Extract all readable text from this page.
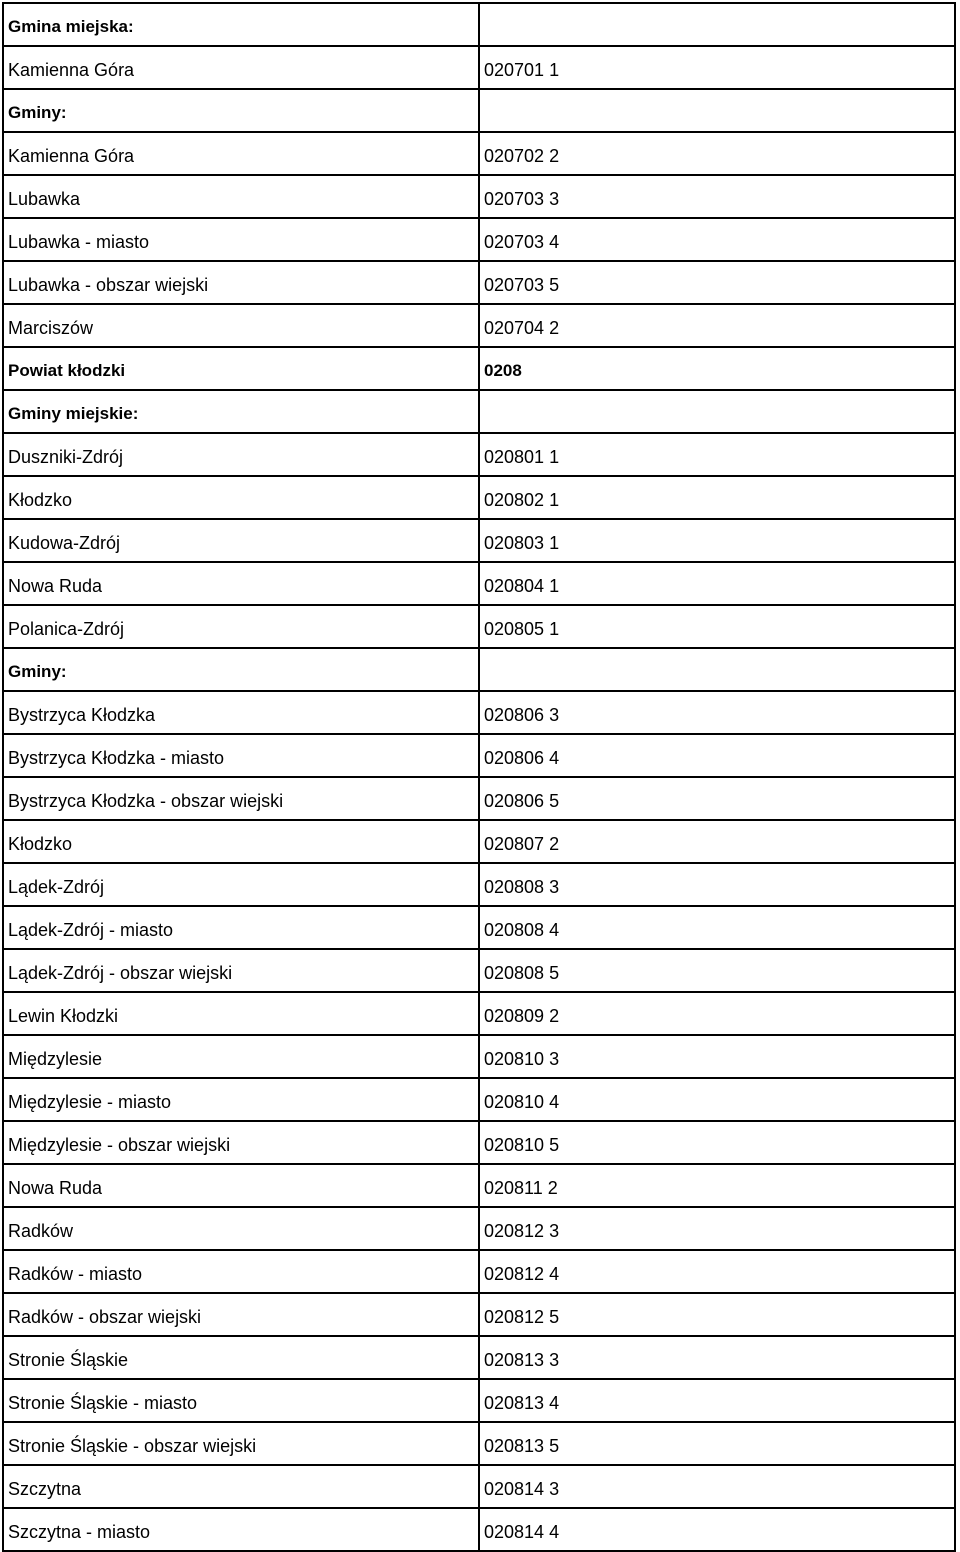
Gmina miejska:	
Kamienna Góra	020701 1
Gminy:	
Kamienna Góra	020702 2
Lubawka	020703 3
Lubawka - miasto	020703 4
Lubawka - obszar wiejski	020703 5
Marciszów	020704 2
Powiat kłodzki	0208
Gminy miejskie:	
Duszniki-Zdrój	020801 1
Kłodzko	020802 1
Kudowa-Zdrój	020803 1
Nowa Ruda	020804 1
Polanica-Zdrój	020805 1
Gminy:	
Bystrzyca Kłodzka	020806 3
Bystrzyca Kłodzka - miasto	020806 4
Bystrzyca Kłodzka - obszar wiejski	020806 5
Kłodzko	020807 2
Lądek-Zdrój	020808 3
Lądek-Zdrój - miasto	020808 4
Lądek-Zdrój - obszar wiejski	020808 5
Lewin Kłodzki	020809 2
Międzylesie	020810 3
Międzylesie - miasto	020810 4
Międzylesie - obszar wiejski	020810 5
Nowa Ruda	020811 2
Radków	020812 3
Radków - miasto	020812 4
Radków - obszar wiejski	020812 5
Stronie Śląskie	020813 3
Stronie Śląskie - miasto	020813 4
Stronie Śląskie - obszar wiejski	020813 5
Szczytna	020814 3
Szczytna - miasto	020814 4
